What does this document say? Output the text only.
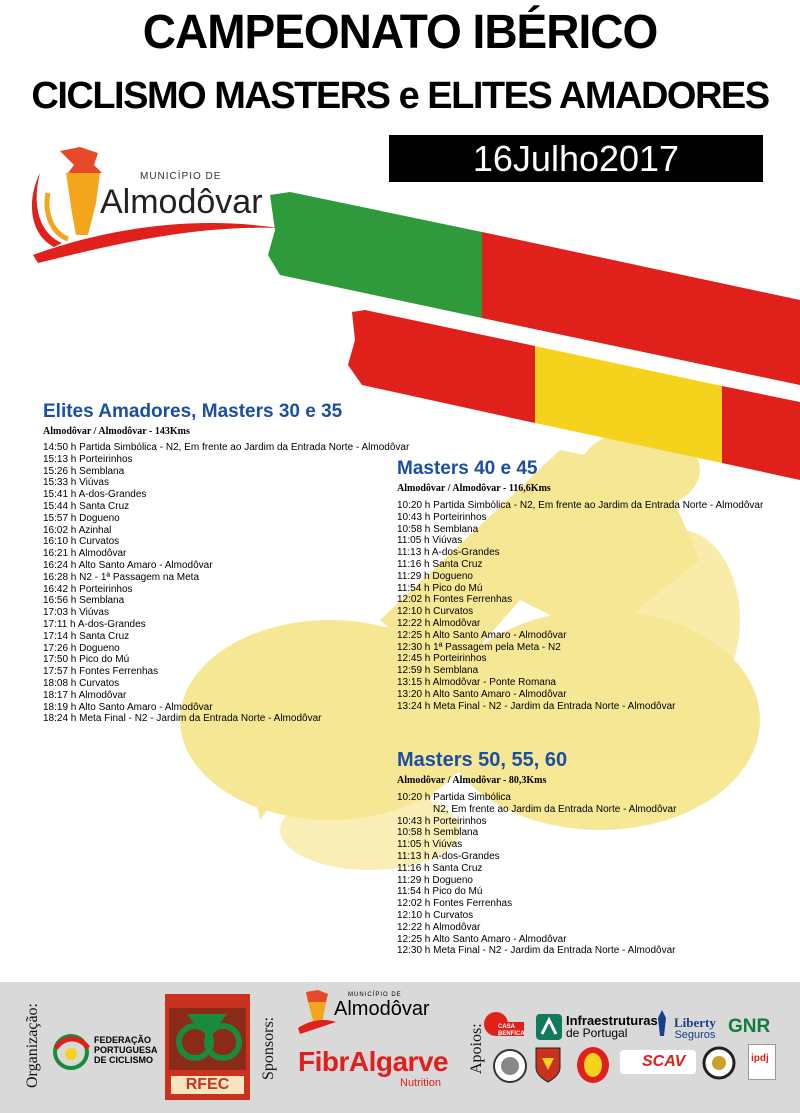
CAMPEONATO IBÉRICO
CICLISMO MASTERS e ELITES AMADORES
16Julho2017
MUNICÍPIO DE
Almodôvar
Elites Amadores, Masters 30 e 35
Almodôvar / Almodôvar - 143Kms
14:50 h Partida Simbólica - N2, Em frente ao Jardim da Entrada Norte - Almodôvar
15:13 h Porteirinhos
15:26 h Semblana
15:33 h Viúvas
15:41 h A-dos-Grandes
15:44 h Santa Cruz
15:57 h Dogueno
16:02 h Azinhal
16:10 h Curvatos
16:21 h Almodôvar
16:24 h Alto Santo Amaro - Almodôvar
16:28 h N2 - 1ª Passagem na Meta
16:42 h Porteirinhos
16:56 h Semblana
17:03 h Viúvas
17:11 h A-dos-Grandes
17:14 h Santa Cruz
17:26 h Dogueno
17:50 h Pico do Mú
17:57 h Fontes Ferrenhas
18:08 h Curvatos
18:17 h Almodôvar
18:19 h Alto Santo Amaro - Almodôvar
18:24 h Meta Final - N2 - Jardim da Entrada Norte - Almodôvar
Masters 40 e 45
Almodôvar / Almodôvar - 116,6Kms
10:20 h Partida Simbólica - N2, Em frente ao Jardim da Entrada Norte - Almodôvar
10:43 h Porteirinhos
10:58 h Semblana
11:05 h Viúvas
11:13 h A-dos-Grandes
11:16 h Santa Cruz
11:29 h Dogueno
11:54 h Pico do Mú
12:02 h Fontes Ferrenhas
12:10 h Curvatos
12:22 h Almodôvar
12:25 h Alto Santo Amaro - Almodôvar
12:30 h 1ª Passagem pela Meta - N2
12:45 h Porteirinhos
12:59 h Semblana
13:15 h Almodôvar - Ponte Romana
13:20 h Alto Santo Amaro - Almodôvar
13:24 h Meta Final - N2 - Jardim da Entrada Norte - Almodôvar
Masters 50, 55, 60
Almodôvar / Almodôvar - 80,3Kms
10:20 h Partida Simbólica
N2, Em frente ao Jardim da Entrada Norte - Almodôvar
10:43 h Porteirinhos
10:58 h Semblana
11:05 h Viúvas
11:13 h A-dos-Grandes
11:16 h Santa Cruz
11:29 h Dogueno
11:54 h Pico do Mú
12:02 h Fontes Ferrenhas
12:10 h Curvatos
12:22 h Almodôvar
12:25 h Alto Santo Amaro - Almodôvar
12:30 h Meta Final - N2 - Jardim da Entrada Norte - Almodôvar
Organização:	FEDERAÇÃO
PORTUGUESA
DE CICLISMO
RFEC
Sponsors:
MUNICÍPIO DE
Almodôvar
FibrAlgarve
Nutrition
Apoios: CASA BENFICA
Infraestruturas
de Portugal
Liberty
Seguros GNR
SCAV	ipdj
